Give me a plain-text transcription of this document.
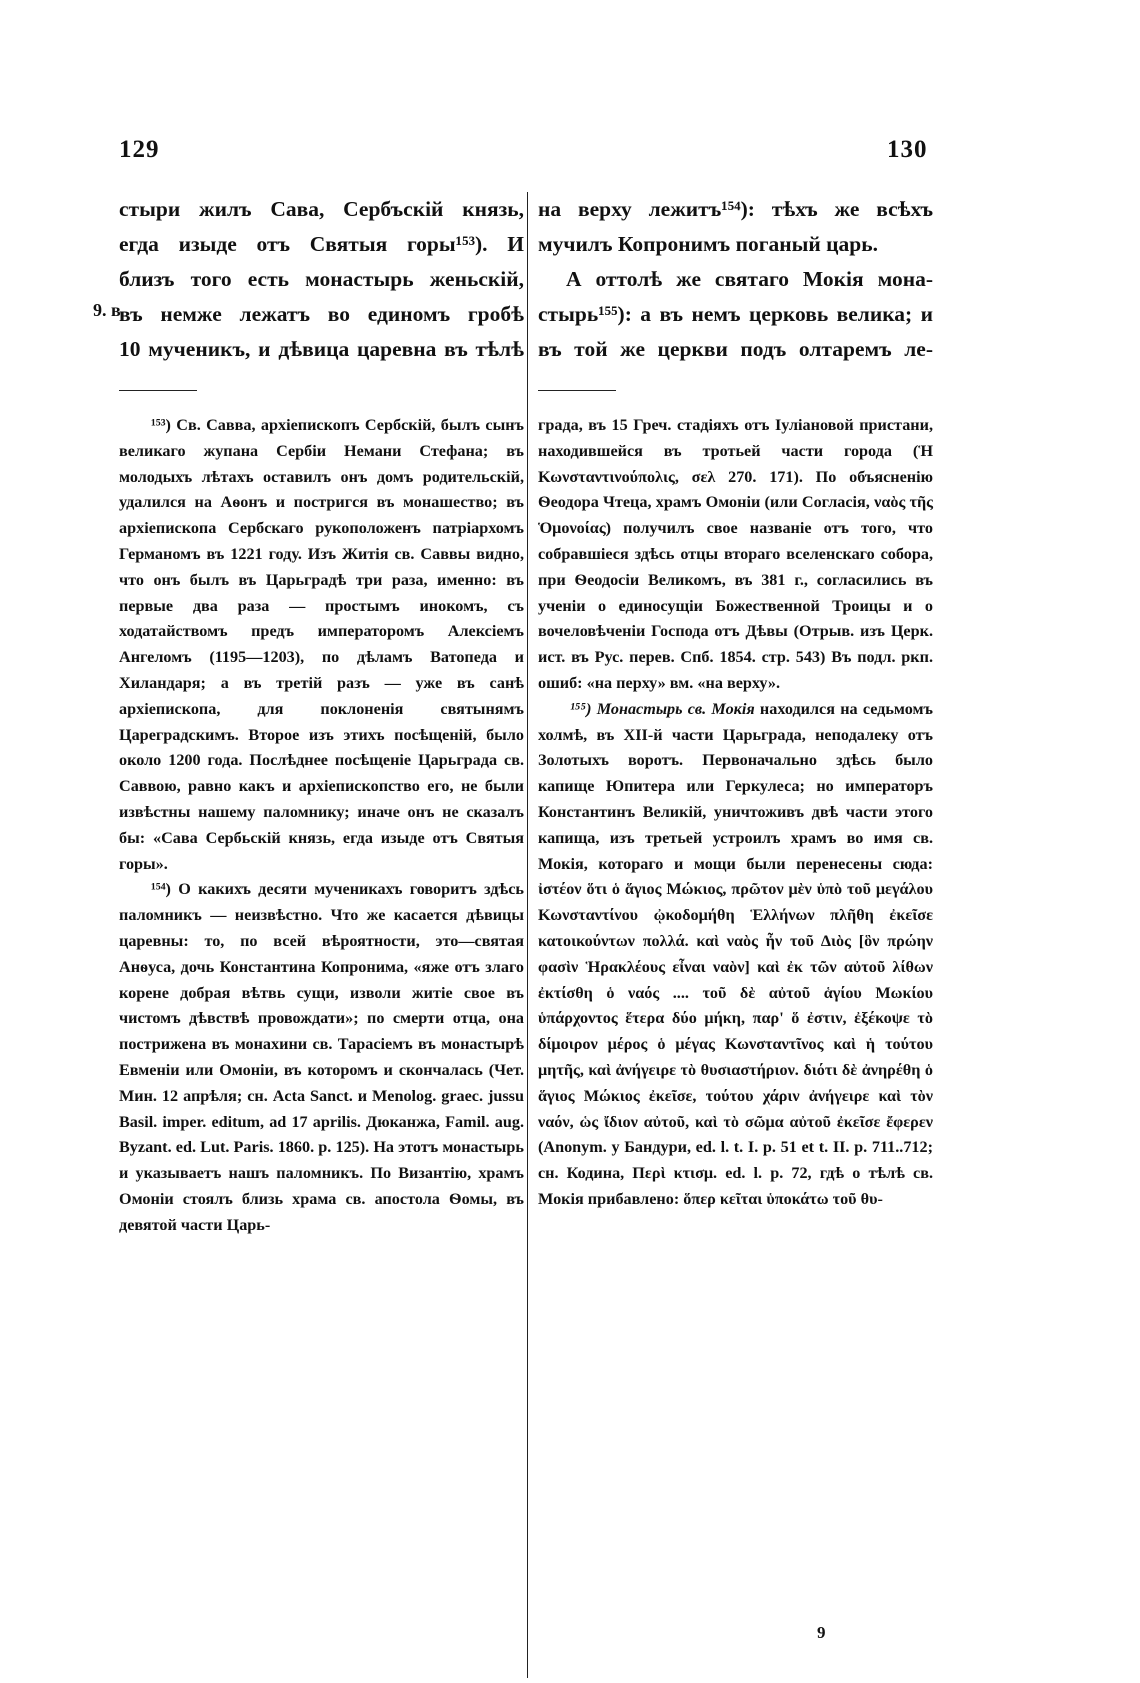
129	130
9. в
стыри жилъ Сава, Сербъскій князь,
егда изыде отъ Святыя горы¹⁵³). И
близъ того есть монастырь женьскій,
въ немже лежатъ во единомъ гробѣ
10 мученикъ, и дѣвица царевна въ тѣлѣ

¹⁵³) Св. Савва, архіепископъ Сербскій, былъ сынъ великаго жупана Сербіи Немани Стефана; въ молодыхъ лѣтахъ оставилъ онъ домъ родительскій, удалился на Аѳонъ и постригся въ монашество; въ архіепископа Сербскаго рукоположенъ патріархомъ Германомъ въ 1221 году. Изъ Житія св. Саввы видно, что онъ былъ въ Царьградѣ три раза, именно: въ первые два раза — простымъ инокомъ, съ ходатайствомъ предъ императоромъ Алексіемъ Ангеломъ (1195—1203), по дѣламъ Ватопеда и Хиландаря; а въ третій разъ — уже въ санѣ архіепископа, для поклоненія святынямъ Цареградскимъ. Второе изъ этихъ посѣщеній, было около 1200 года. Послѣднее посѣщеніе Царьграда св. Саввою, равно какъ и архіепископство его, не были извѣстны нашему паломнику; иначе онъ не сказалъ бы: «Сава Сербьскій князь, егда изыде отъ Святыя горы».

¹⁵⁴) О какихъ десяти мученикахъ говоритъ здѣсь паломникъ — неизвѣстно. Что же касается дѣвицы царевны: то, по всей вѣроятности, это—святая Анѳуса, дочь Константина Копронима, «яже отъ злаго корене добрая вѣтвь сущи, изволи житіе свое въ чистомъ дѣвствѣ провождати»; по смерти отца, она пострижена въ монахини св. Тарасіемъ въ монастырѣ Евменіи или Омоніи, въ которомъ и скончалась (Чет. Мин. 12 апрѣля; сн. Acta Sanct. и Menolog. graec. jussu Basil. imper. editum, ad 17 aprilis. Дюканжа, Famil. aug. Byzant. ed. Lut. Paris. 1860. p. 125). На этотъ монастырь и указываетъ нашъ паломникъ. По Византію, храмъ Омоніи стоялъ близь храма св. апостола Ѳомы, въ девятой части Царь-

на верху лежитъ¹⁵⁴): тѣхъ же всѣхъ
мучилъ Копронимъ поганый царь.
А оттолѣ же святаго Мокія мона-
стырь¹⁵⁵): а въ немъ церковь велика; и
въ той же церкви подъ олтаремъ ле-

града, въ 15 Греч. стадіяхъ отъ Іуліановой пристани, находившейся въ тротьей части города (Ἡ Κωνσταντινούπολις, σελ 270. 171). По объясненію Ѳеодора Чтеца, храмъ Омоніи (или Согласія, ναὸς τῆς Ὁμονοίας) получилъ свое названіе отъ того, что собравшіеся здѣсь отцы втораго вселенскаго собора, при Ѳеодосіи Великомъ, въ 381 г., согласились въ ученіи о единосущіи Божественной Троицы и о вочеловѣченіи Господа отъ Дѣвы (Отрыв. изъ Церк. ист. въ Рус. перев. Спб. 1854. стр. 543) Въ подл. ркп. ошиб: «на перху» вм. «на верху».

¹⁵⁵) Монастырь св. Мокія находился на седьмомъ холмѣ, въ XII-й части Царьграда, неподалеку отъ Золотыхъ воротъ. Первоначально здѣсь было капище Юпитера или Геркулеса; но императоръ Константинъ Великій, уничтоживъ двѣ части этого капища, изъ третьей устроилъ храмъ во имя св. Мокія, котораго и мощи были перенесены сюда: ἰστέον ὅτι ὁ ἅγιος Μώκιος, πρῶτον μὲν ὑπὸ τοῦ μεγάλου Κωνσταντίνου ᾠκοδομήθη Ἑλλήνων πλῆθη ἐκεῖσε κατοικούντων πολλά. καὶ ναὸς ἦν τοῦ Διὸς [ὃν πρώην φασὶν Ἡρακλέους εἶναι ναὸν] καὶ ἐκ τῶν αὐτοῦ λίθων ἐκτίσθη ὁ ναός .... τοῦ δὲ αὐτοῦ ἁγίου Μωκίου ὑπάρχοντος ἕτερα δύο μήκη, παρ' ὅ ἐστιν, ἐξέκοψε τὸ δίμοιρον μέρος ὁ μέγας Κωνσταντῖνος καὶ ἡ τούτου μητῆς, καὶ ἀνήγειρε τὸ θυσιαστήριον. διότι δὲ ἀνηρέθη ὁ ἅγιος Μώκιος ἐκεῖσε, τούτου χάριν ἀνήγειρε καὶ τὸν ναόν, ὡς ἴδιον αὐτοῦ, καὶ τὸ σῶμα αὐτοῦ ἐκεῖσε ἔφερεν (Anonym. у Бандури, ed. l. t. I. p. 51 et t. II. p. 711..712; сн. Кодина, Περὶ κτισμ. ed. l. p. 72, гдѣ о тѣлѣ св. Мокія прибавлено: ὅπερ κεῖται ὑποκάτω τοῦ θυ-

9
